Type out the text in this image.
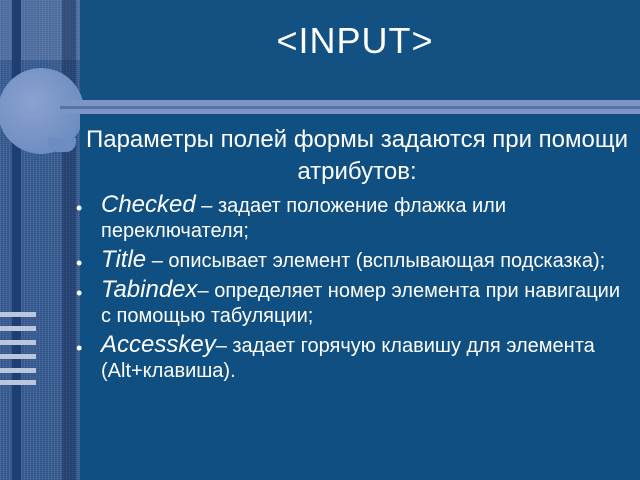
<INPUT>
Параметры полей формы задаются при помощи атрибутов:
• Checked – задает положение флажка или переключателя;
• Title – описывает элемент (всплывающая подсказка);
• Tabindex– определяет номер элемента при навигации с помощью табуляции;
• Accesskey– задает горячую клавишу для элемента (Alt+клавиша).
